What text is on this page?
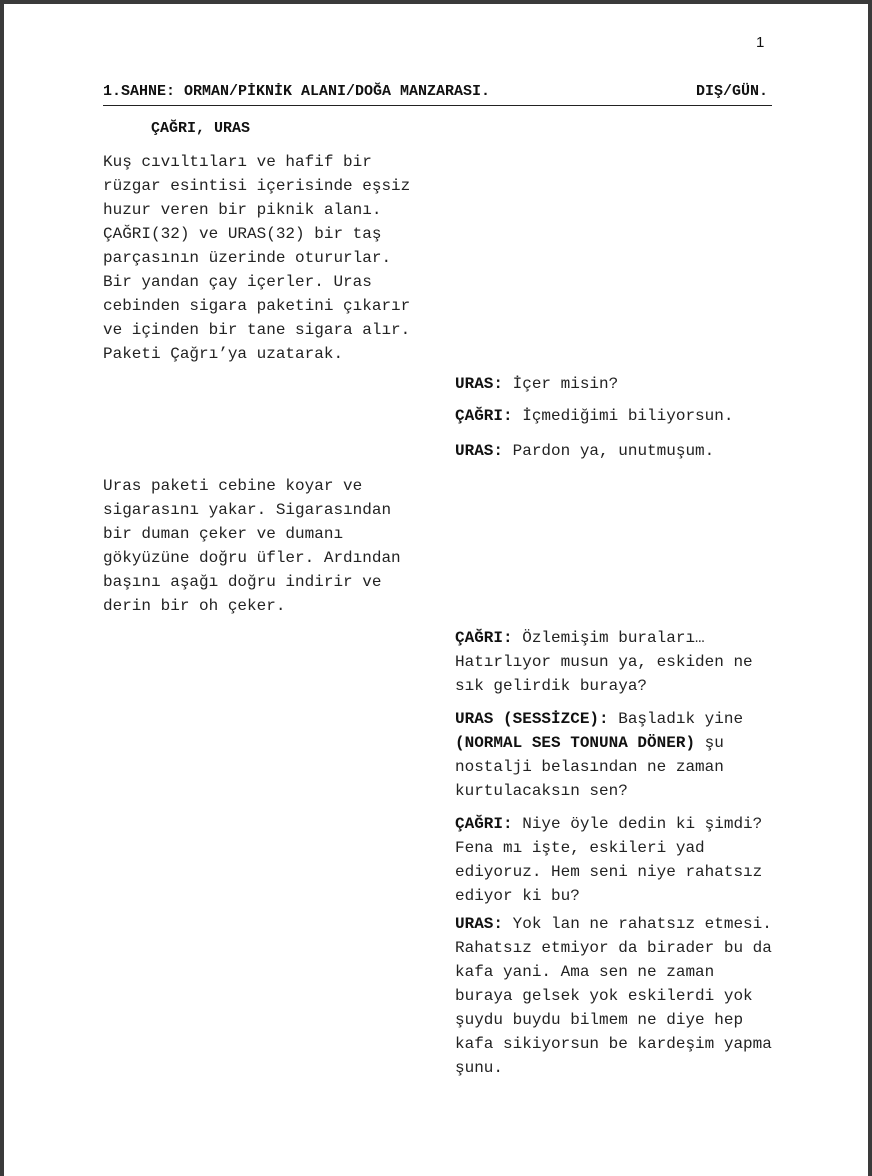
1
1.SAHNE: ORMAN/PİKNİK ALANI/DOĞA MANZARASI.	DIŞ/GÜN.
ÇAĞRI, URAS
Kuş cıvıltıları ve hafif bir
rüzgar esintisi içerisinde eşsiz
huzur veren bir piknik alanı.
ÇAĞRI(32) ve URAS(32) bir taş
parçasının üzerinde otururlar.
Bir yandan çay içerler. Uras
cebinden sigara paketini çıkarır
ve içinden bir tane sigara alır.
Paketi Çağrı’ya uzatarak.
URAS: İçer misin?
ÇAĞRI: İçmediğimi biliyorsun.
URAS: Pardon ya, unutmuşum.
Uras paketi cebine koyar ve
sigarasını yakar. Sigarasından
bir duman çeker ve dumanı
gökyüzüne doğru üfler. Ardından
başını aşağı doğru indirir ve
derin bir oh çeker.
ÇAĞRI: Özlemişim buraları… Hatırlıyor musun ya, eskiden ne sık gelirdik buraya?
URAS (SESSİZCE): Başladık yine (NORMAL SES TONUNA DÖNER) şu nostalji belasından ne zaman kurtulacaksın sen?
ÇAĞRI: Niye öyle dedin ki şimdi? Fena mı işte, eskileri yad ediyoruz. Hem seni niye rahatsız ediyor ki bu?
URAS: Yok lan ne rahatsız etmesi. Rahatsız etmiyor da birader bu da kafa yani. Ama sen ne zaman buraya gelsek yok eskilerdi yok şuydu buydu bilmem ne diye hep kafa sikiyorsun be kardeşim yapma şunu.
